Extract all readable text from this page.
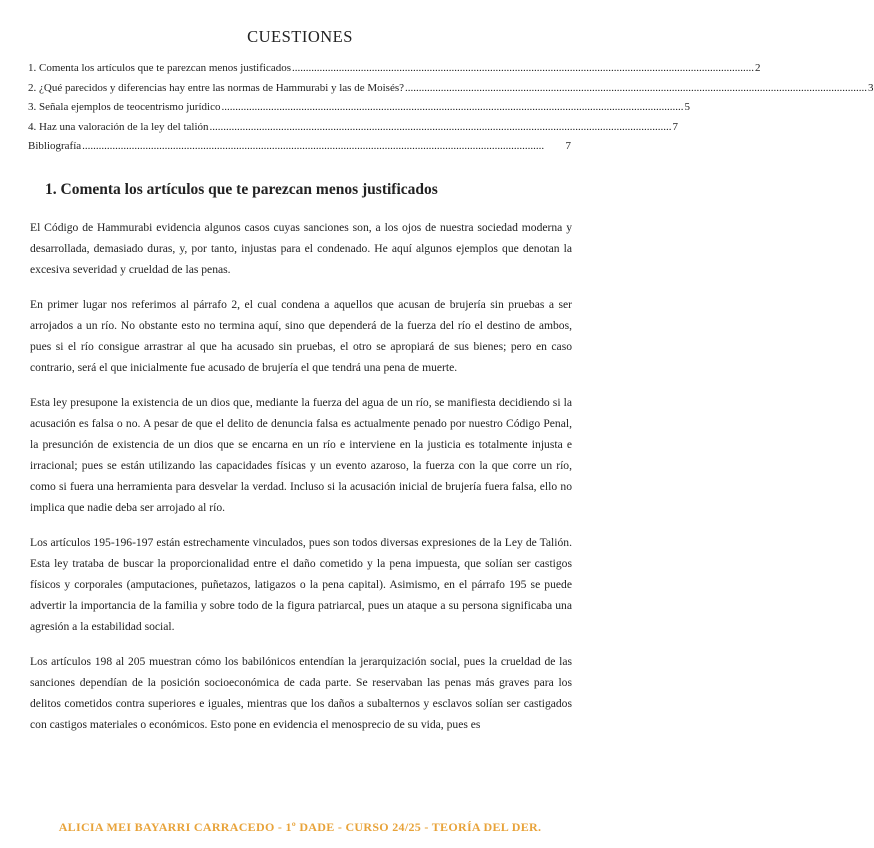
CUESTIONES
1. Comenta los artículos que te parezcan menos justificados ........................................................................................................................................................................ 2
2. ¿Qué parecidos y diferencias hay entre las normas de Hammurabi y las de Moisés? ........................................................................................................................................................................ 3
3. Señala ejemplos de teocentrismo jurídico ........................................................................................................................................................................ 5
4. Haz una valoración de la ley del talión ........................................................................................................................................................................ 7
Bibliografía ........................................................................................................................................................................	7
1. Comenta los artículos que te parezcan menos justificados

El Código de Hammurabi evidencia algunos casos cuyas sanciones son, a los ojos de nuestra sociedad moderna y desarrollada, demasiado duras, y, por tanto, injustas para el condenado. He aquí algunos ejemplos que denotan la excesiva severidad y crueldad de las penas.

En primer lugar nos referimos al párrafo 2, el cual condena a aquellos que acusan de brujería sin pruebas a ser arrojados a un río. No obstante esto no termina aquí, sino que dependerá de la fuerza del río el destino de ambos, pues si el río consigue arrastrar al que ha acusado sin pruebas, el otro se apropiará de sus bienes; pero en caso contrario, será el que inicialmente fue acusado de brujería el que tendrá una pena de muerte.

Esta ley presupone la existencia de un dios que, mediante la fuerza del agua de un río, se manifiesta decidiendo si la acusación es falsa o no. A pesar de que el delito de denuncia falsa es actualmente penado por nuestro Código Penal, la presunción de existencia de un dios que se encarna en un río e interviene en la justicia es totalmente injusta e irracional; pues se están utilizando las capacidades físicas y un evento azaroso, la fuerza con la que corre un río, como si fuera una herramienta para desvelar la verdad. Incluso si la acusación inicial de brujería fuera falsa, ello no implica que nadie deba ser arrojado al río.

Los artículos 195-196-197 están estrechamente vinculados, pues son todos diversas expresiones de la Ley de Talión. Esta ley trataba de buscar la proporcionalidad entre el daño cometido y la pena impuesta, que solían ser castigos físicos y corporales (amputaciones, puñetazos, latigazos o la pena capital). Asimismo, en el párrafo 195 se puede advertir la importancia de la familia y sobre todo de la figura patriarcal, pues un ataque a su persona significaba una agresión a la estabilidad social.

Los artículos 198 al 205 muestran cómo los babilónicos entendían la jerarquización social, pues la crueldad de las sanciones dependían de la posición socioeconómica de cada parte. Se reservaban las penas más graves para los delitos cometidos contra superiores e iguales, mientras que los daños a subalternos y esclavos solían ser castigados con castigos materiales o económicos. Esto pone en evidencia el menosprecio de su vida, pues es

ALICIA MEI BAYARRI CARRACEDO - 1º DADE - CURSO 24/25 - TEORÍA DEL DER.
